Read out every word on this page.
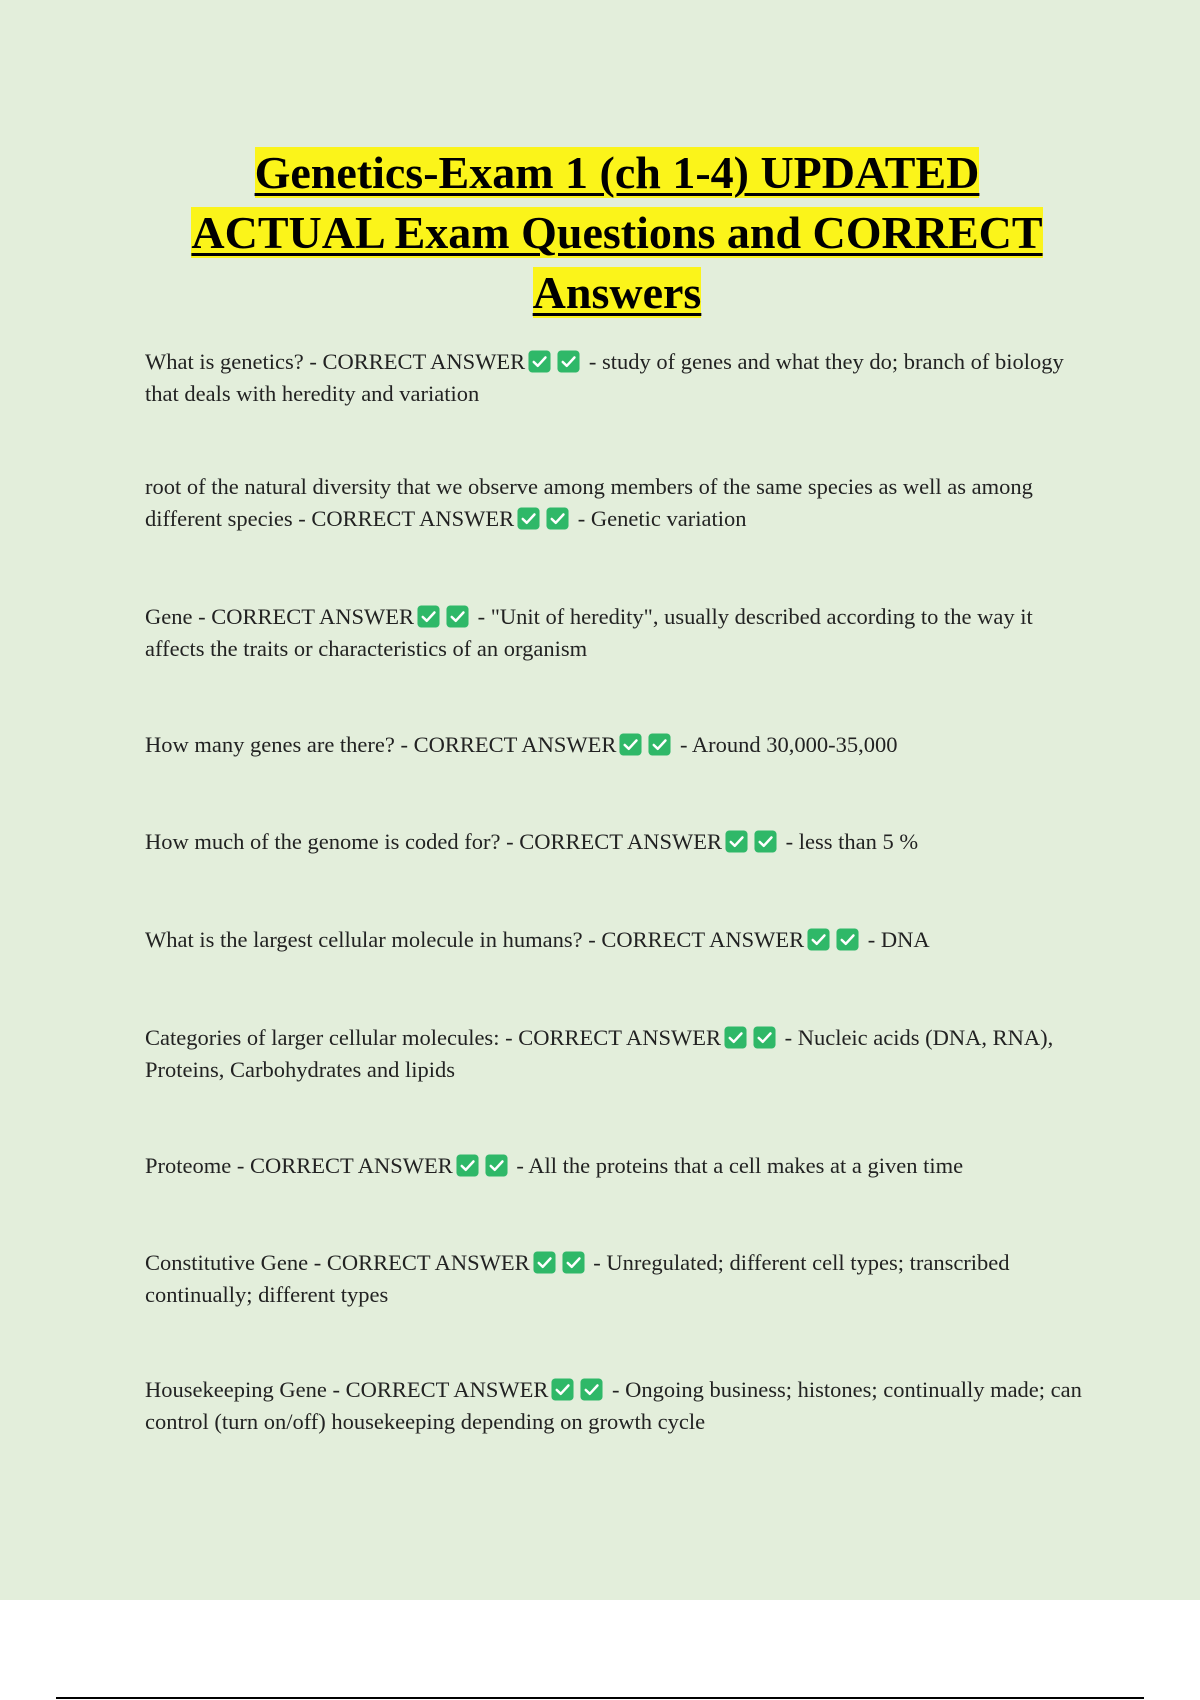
Genetics-Exam 1 (ch 1-4) UPDATED
ACTUAL Exam Questions and CORRECT
Answers

What is genetics? - CORRECT ANSWER	- study of genes and what they do; branch of biology that deals with heredity and variation

root of the natural diversity that we observe among members of the same species as well as among different species - CORRECT ANSWER	- Genetic variation

Gene - CORRECT ANSWER	- "Unit of heredity", usually described according to the way it affects the traits or characteristics of an organism

How many genes are there? - CORRECT ANSWER	- Around 30,000-35,000

How much of the genome is coded for? - CORRECT ANSWER	- less than 5 %

What is the largest cellular molecule in humans? - CORRECT ANSWER	- DNA

Categories of larger cellular molecules: - CORRECT ANSWER	- Nucleic acids (DNA, RNA), Proteins, Carbohydrates and lipids

Proteome - CORRECT ANSWER	- All the proteins that a cell makes at a given time

Constitutive Gene - CORRECT ANSWER	- Unregulated; different cell types; transcribed continually; different types

Housekeeping Gene - CORRECT ANSWER	- Ongoing business; histones; continually made; can control (turn on/off) housekeeping depending on growth cycle
